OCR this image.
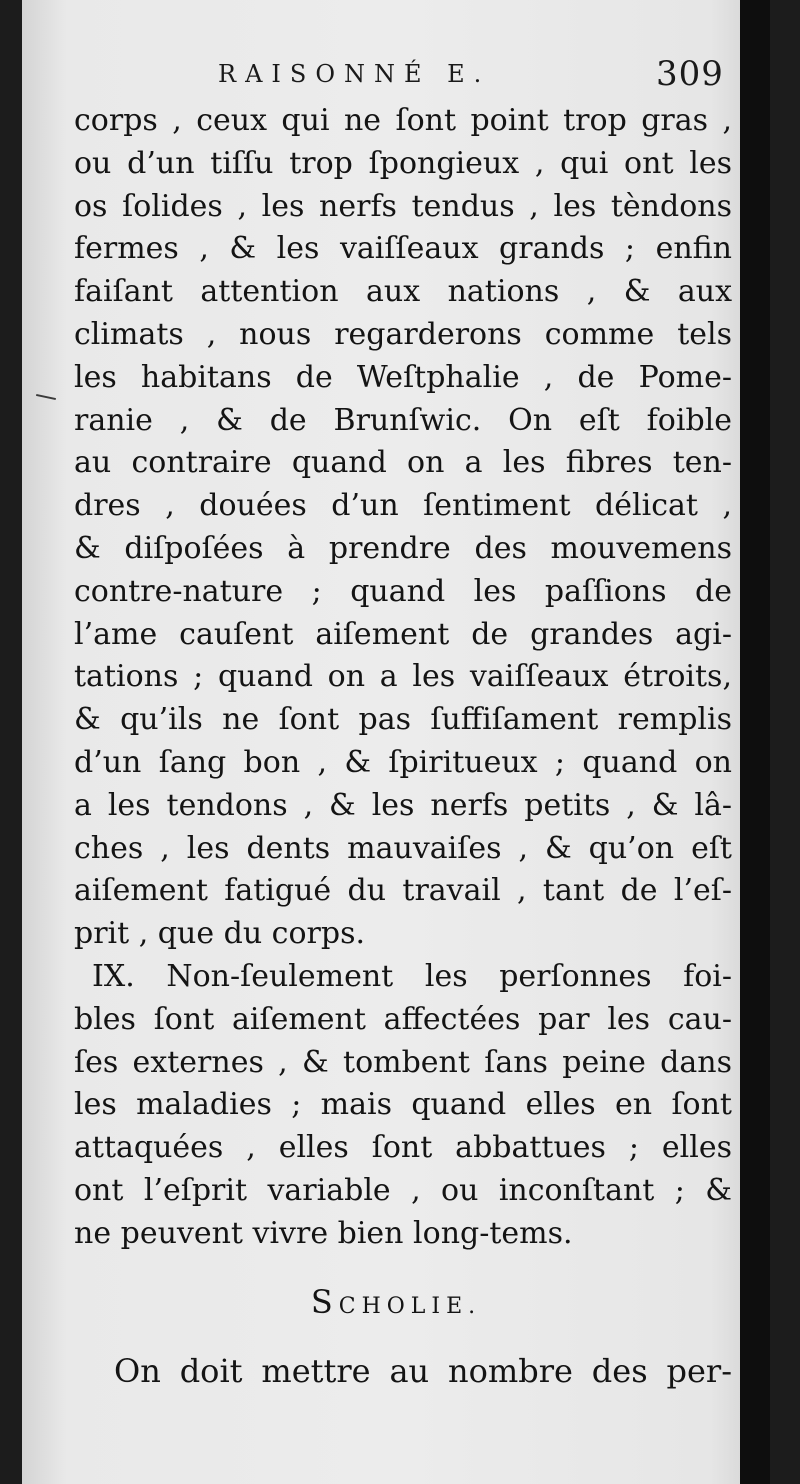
RAISONNÉ E.	309
corps , ceux qui ne ſont point trop gras ,
ou d’un tiſſu trop ſpongieux , qui ont les
os ſolides , les nerfs tendus , les tèndons
fermes , & les vaiſſeaux grands ; enfin
faiſant attention aux nations , & aux
climats , nous regarderons comme tels
les habitans de Weſtphalie , de Pome-
ranie , & de Brunſwic. On eſt foible
au contraire quand on a les fibres ten-
dres , douées d’un ſentiment délicat ,
& diſpoſées à prendre des mouvemens
contre-nature ; quand les paſſions de
l’ame cauſent aiſement de grandes agi-
tations ; quand on a les vaiſſeaux étroits,
& qu’ils ne ſont pas ſuffiſament remplis
d’un ſang bon , & ſpiritueux ; quand on
a les tendons , & les nerfs petits , & lâ-
ches , les dents mauvaiſes , & qu’on eſt
aiſement fatigué du travail , tant de l’eſ-
prit , que du corps.
IX. Non-ſeulement les perſonnes foi-
bles ſont aiſement affectées par les cau-
ſes externes , & tombent ſans peine dans
les maladies ; mais quand elles en ſont
attaquées , elles ſont abbattues ; elles
ont l’eſprit variable , ou inconſtant ; &
ne peuvent vivre bien long-tems.
SCHOLIE.
On doit mettre au nombre des per-
